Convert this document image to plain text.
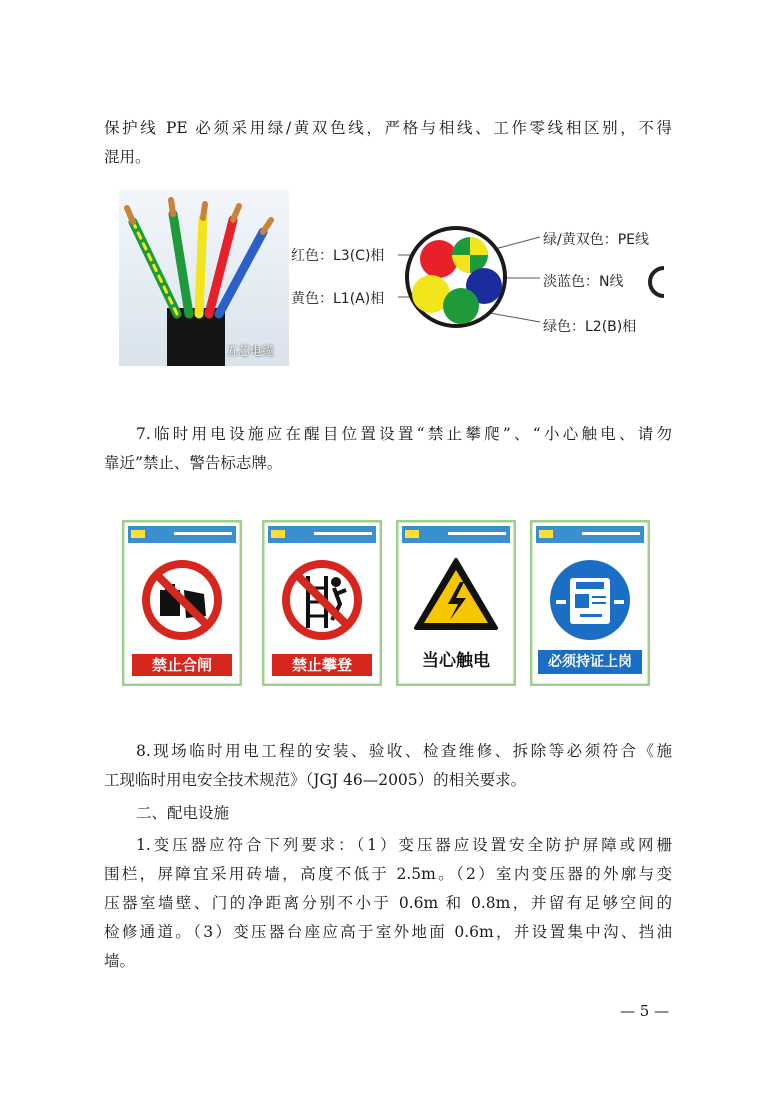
保护线 PE 必须采用绿/黄双色线，严格与相线、工作零线相区别，不得
混用。
五芯电缆
红色：L3(C)相
黄色：L1(A)相
绿/黄双色：PE线
淡蓝色：N线
绿色：L2(B)相
7.临时用电设施应在醒目位置设置“禁止攀爬”、“小心触电、请勿
靠近”禁止、警告标志牌。
禁止合闸	禁止攀登	当心触电	必须持证上岗
8.现场临时用电工程的安装、验收、检查维修、拆除等必须符合《施
工现临时用电安全技术规范》（JGJ 46—2005）的相关要求。
二、配电设施
1.变压器应符合下列要求：（1）变压器应设置安全防护屏障或网栅
围栏，屏障宜采用砖墙，高度不低于 2.5m。（2）室内变压器的外廓与变
压器室墙壁、门的净距离分别不小于 0.6m 和 0.8m，并留有足够空间的
检修通道。（3）变压器台座应高于室外地面 0.6m，并设置集中沟、挡油
墙。
— 5 —
